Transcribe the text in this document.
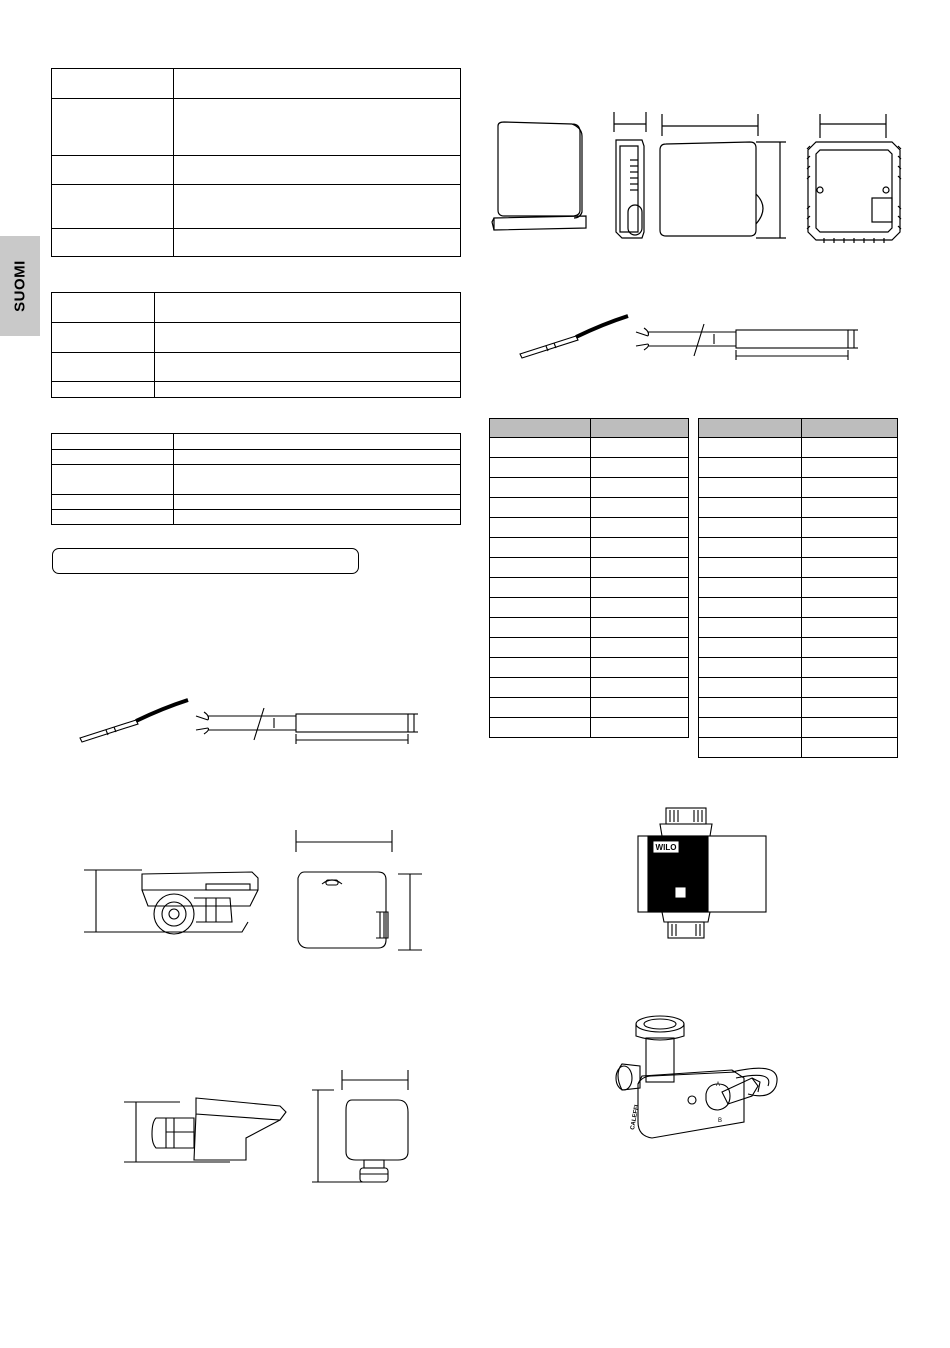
SUOMI

WILO
CALEFFI
A
B
